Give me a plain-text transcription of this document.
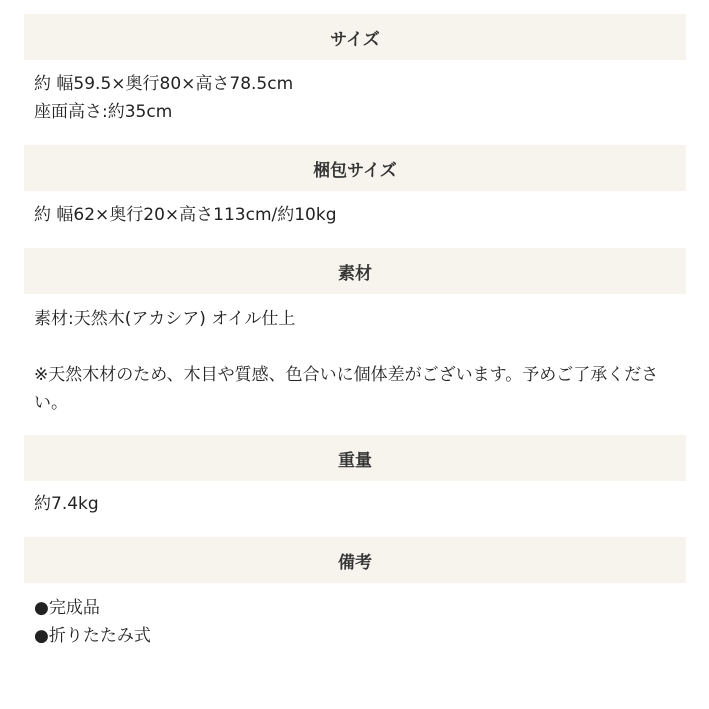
サイズ
約 幅59.5×奥行80×高さ78.5cm
座面高さ:約35cm
梱包サイズ
約 幅62×奥行20×高さ113cm/約10kg
素材
素材:天然木(アカシア) オイル仕上
※天然木材のため、木目や質感、色合いに個体差がございます。予めご了承ください。
重量
約7.4kg
備考
●完成品
●折りたたみ式
